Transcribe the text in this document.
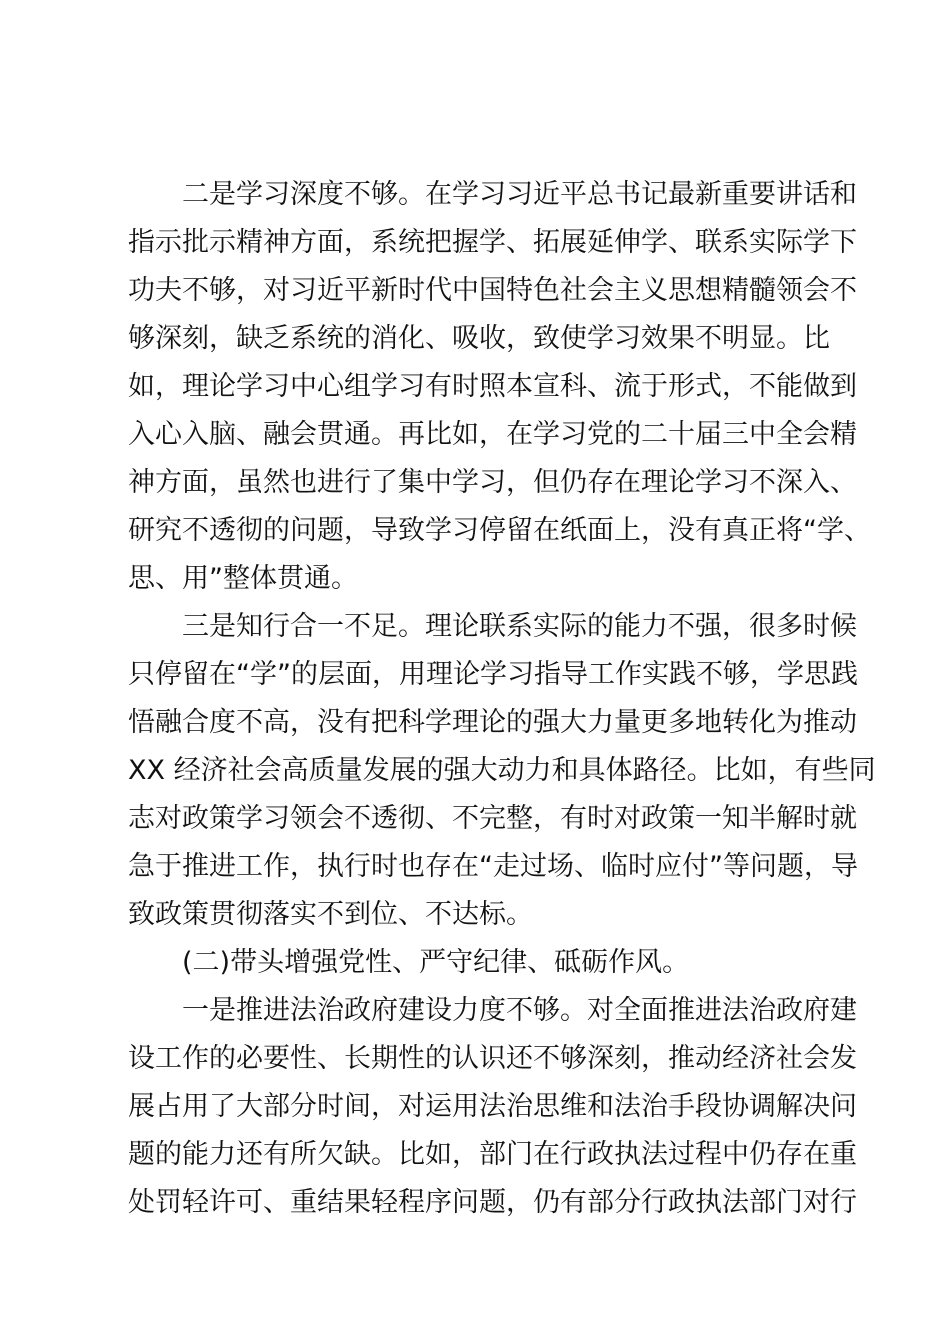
二是学习深度不够。在学习习近平总书记最新重要讲话和
指示批示精神方面，系统把握学、拓展延伸学、联系实际学下
功夫不够，对习近平新时代中国特色社会主义思想精髓领会不
够深刻，缺乏系统的消化、吸收，致使学习效果不明显。比
如，理论学习中心组学习有时照本宣科、流于形式，不能做到
入心入脑、融会贯通。再比如，在学习党的二十届三中全会精
神方面，虽然也进行了集中学习，但仍存在理论学习不深入、
研究不透彻的问题，导致学习停留在纸面上，没有真正将“学、
思、用”整体贯通。
三是知行合一不足。理论联系实际的能力不强，很多时候
只停留在“学”的层面，用理论学习指导工作实践不够，学思践
悟融合度不高，没有把科学理论的强大力量更多地转化为推动
XX 经济社会高质量发展的强大动力和具体路径。比如，有些同
志对政策学习领会不透彻、不完整，有时对政策一知半解时就
急于推进工作，执行时也存在“走过场、临时应付”等问题，导
致政策贯彻落实不到位、不达标。
(二)带头增强党性、严守纪律、砥砺作风。
一是推进法治政府建设力度不够。对全面推进法治政府建
设工作的必要性、长期性的认识还不够深刻，推动经济社会发
展占用了大部分时间，对运用法治思维和法治手段协调解决问
题的能力还有所欠缺。比如，部门在行政执法过程中仍存在重
处罚轻许可、重结果轻程序问题，仍有部分行政执法部门对行
